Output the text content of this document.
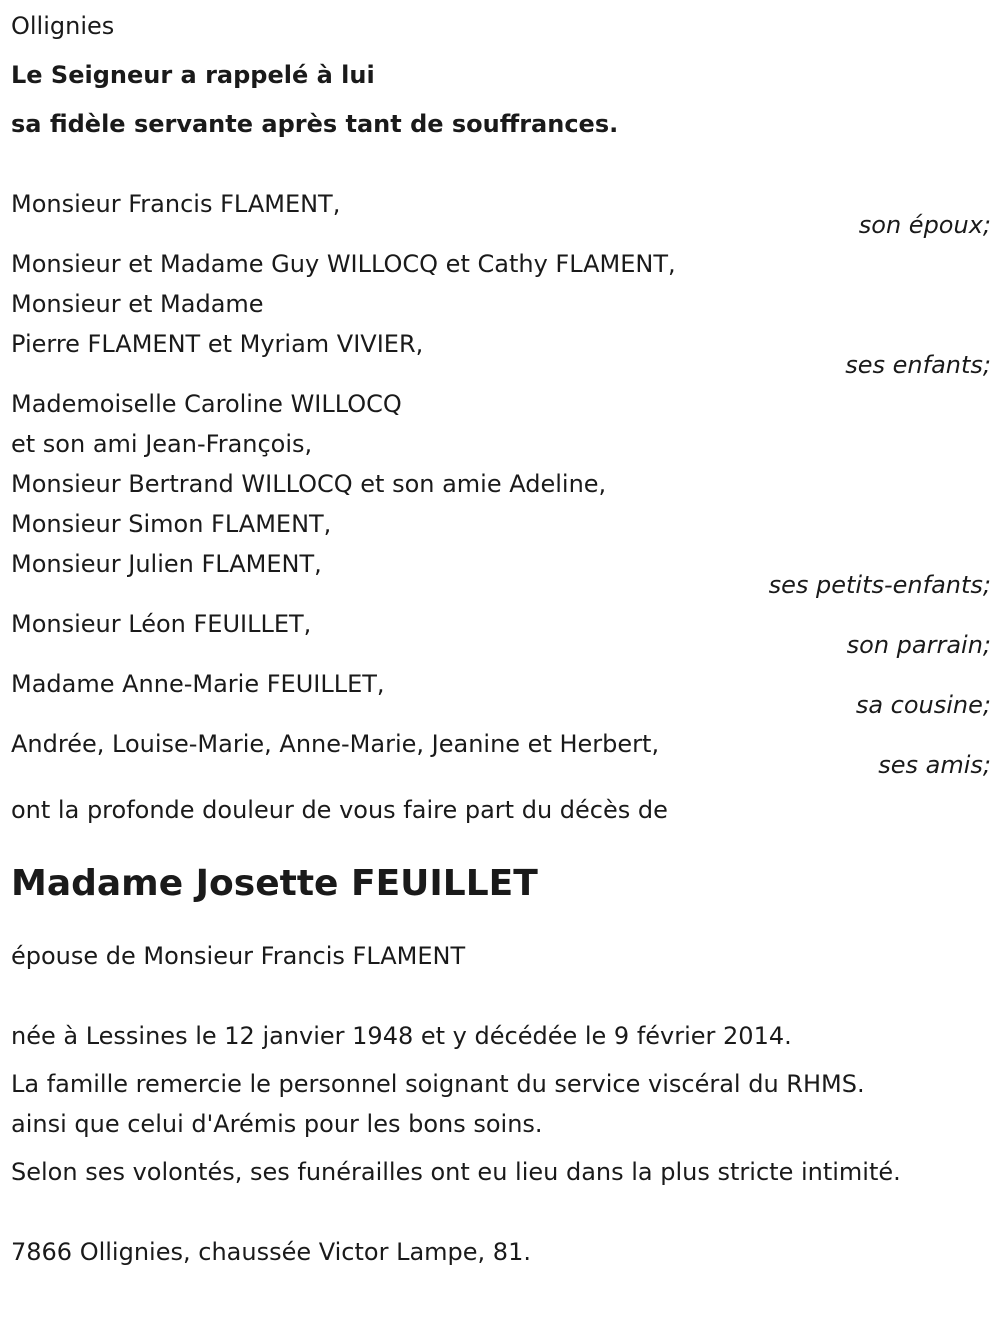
Ollignies
Le Seigneur a rappelé à lui
sa fidèle servante après tant de souffrances.
Monsieur Francis FLAMENT,
son époux;
Monsieur et Madame Guy WILLOCQ et Cathy FLAMENT,
Monsieur et Madame
Pierre FLAMENT et Myriam VIVIER,
ses enfants;
Mademoiselle Caroline WILLOCQ
et son ami Jean-François,
Monsieur Bertrand WILLOCQ et son amie Adeline,
Monsieur Simon FLAMENT,
Monsieur Julien FLAMENT,
ses petits-enfants;
Monsieur Léon FEUILLET,
son parrain;
Madame Anne-Marie FEUILLET,
sa cousine;
Andrée, Louise-Marie, Anne-Marie, Jeanine et Herbert,
ses amis;
ont la profonde douleur de vous faire part du décès de
Madame Josette FEUILLET
épouse de Monsieur Francis FLAMENT
née à Lessines le 12 janvier 1948 et y décédée le 9 février 2014.
La famille remercie le personnel soignant du service viscéral du RHMS.
ainsi que celui d'Arémis pour les bons soins.
Selon ses volontés, ses funérailles ont eu lieu dans la plus stricte intimité.
7866 Ollignies, chaussée Victor Lampe, 81.
